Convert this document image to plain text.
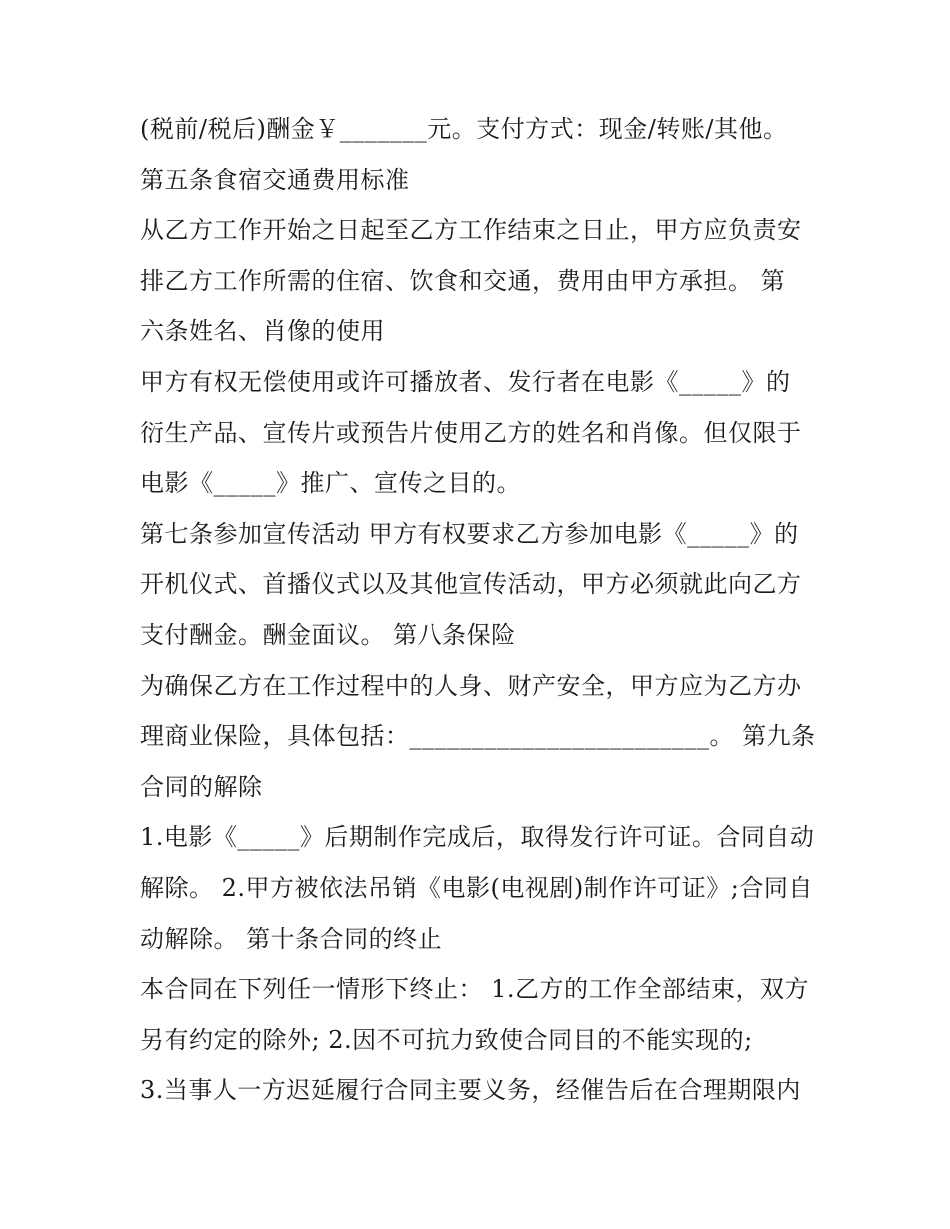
(税前/税后)酬金￥_______元。支付方式：现金/转账/其他。
第五条食宿交通费用标准
从乙方工作开始之日起至乙方工作结束之日止，甲方应负责安
排乙方工作所需的住宿、饮食和交通，费用由甲方承担。 第
六条姓名、肖像的使用
甲方有权无偿使用或许可播放者、发行者在电影《_____》的
衍生产品、宣传片或预告片使用乙方的姓名和肖像。但仅限于
电影《_____》推广、宣传之目的。
第七条参加宣传活动 甲方有权要求乙方参加电影《_____》的
开机仪式、首播仪式以及其他宣传活动，甲方必须就此向乙方
支付酬金。酬金面议。 第八条保险
为确保乙方在工作过程中的人身、财产安全，甲方应为乙方办
理商业保险，具体包括：________________________。 第九条
合同的解除
1.电影《_____》后期制作完成后，取得发行许可证。合同自动
解除。 2.甲方被依法吊销《电影(电视剧)制作许可证》;合同自
动解除。 第十条合同的终止
本合同在下列任一情形下终止： 1.乙方的工作全部结束，双方
另有约定的除外; 2.因不可抗力致使合同目的不能实现的;
3.当事人一方迟延履行合同主要义务，经催告后在合理期限内
